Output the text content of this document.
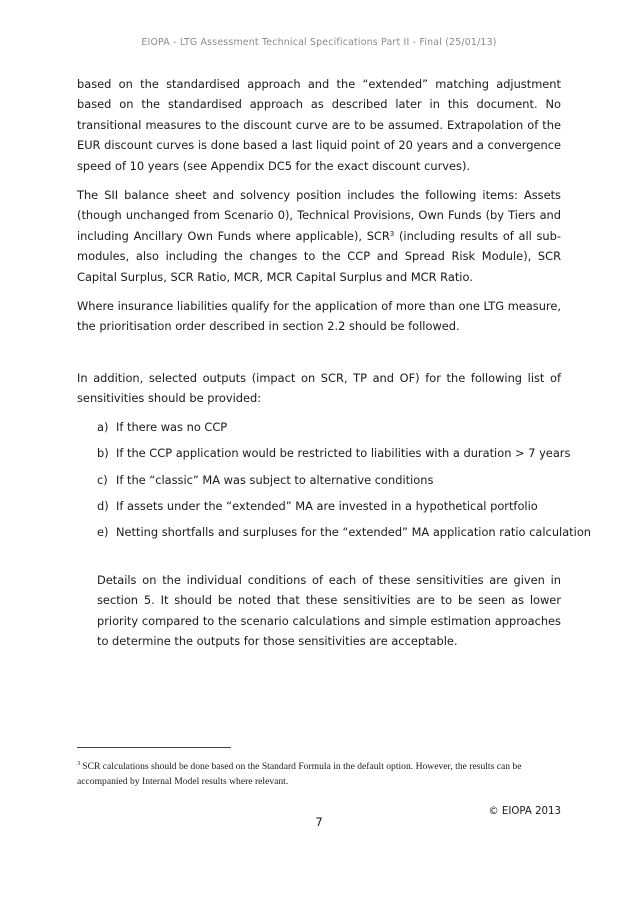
EIOPA - LTG Assessment Technical Specifications Part II - Final (25/01/13)

based on the standardised approach and the “extended” matching adjustment based on the standardised approach as described later in this document. No transitional measures to the discount curve are to be assumed. Extrapolation of the EUR discount curves is done based a last liquid point of 20 years and a convergence speed of 10 years (see Appendix DC5 for the exact discount curves).

The SII balance sheet and solvency position includes the following items: Assets (though unchanged from Scenario 0), Technical Provisions, Own Funds (by Tiers and including Ancillary Own Funds where applicable), SCR$^3$ (including results of all sub-modules, also including the changes to the CCP and Spread Risk Module), SCR Capital Surplus, SCR Ratio, MCR, MCR Capital Surplus and MCR Ratio.

Where insurance liabilities qualify for the application of more than one LTG measure, the prioritisation order described in section 2.2 should be followed.

In addition, selected outputs (impact on SCR, TP and OF) for the following list of sensitivities should be provided:

a) If there was no CCP
b) If the CCP application would be restricted to liabilities with a duration > 7 years
c) If the “classic” MA was subject to alternative conditions
d) If assets under the “extended” MA are invested in a hypothetical portfolio
e) Netting shortfalls and surpluses for the “extended” MA application ratio calculation

Details on the individual conditions of each of these sensitivities are given in section 5. It should be noted that these sensitivities are to be seen as lower priority compared to the scenario calculations and simple estimation approaches to determine the outputs for those sensitivities are acceptable.

$^3$ SCR calculations should be done based on the Standard Formula in the default option. However, the results can be accompanied by Internal Model results where relevant.
© EIOPA 2013
7
